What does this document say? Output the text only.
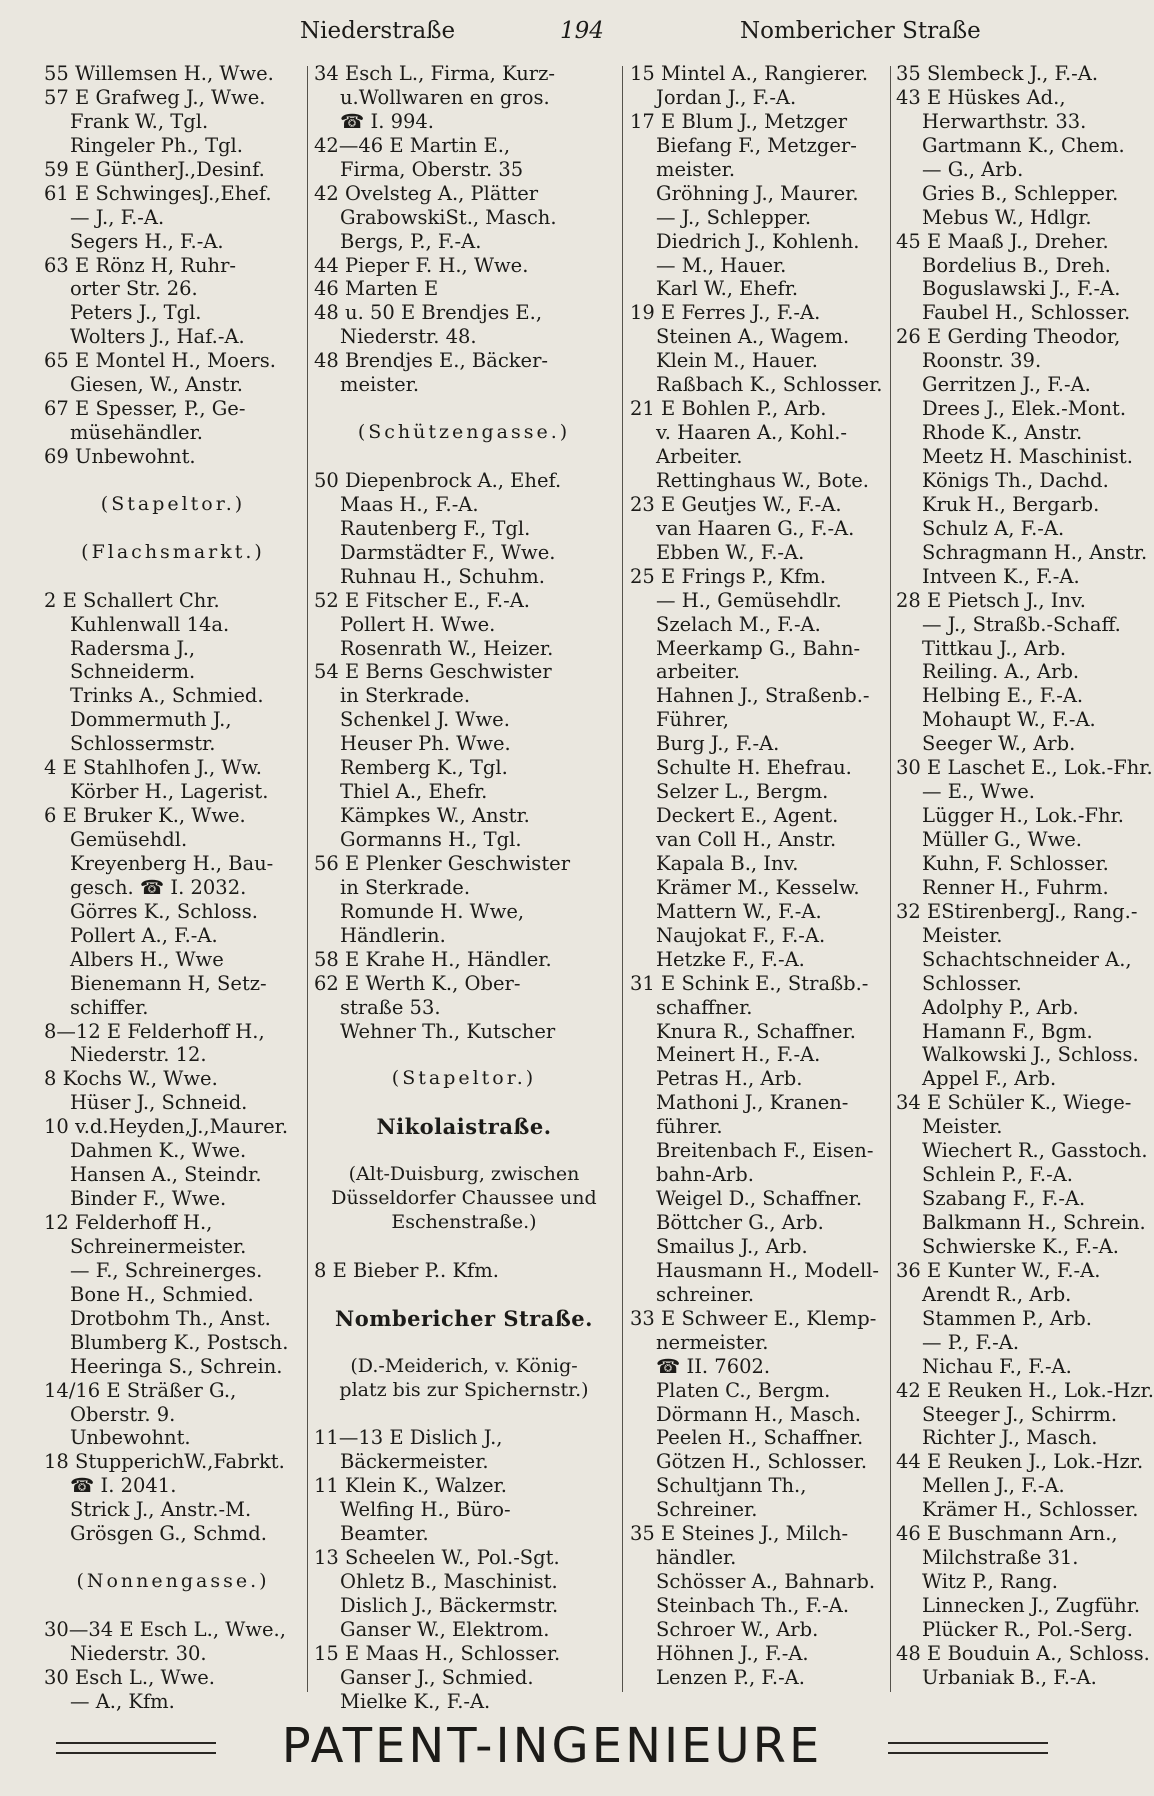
Niederstraße	194	Nombericher Straße
55 Willemsen H., Wwe.
57 E Grafweg J., Wwe.
Frank W., Tgl.
Ringeler Ph., Tgl.
59 E GüntherJ.,Desinf.
61 E SchwingesJ.,Ehef.
— J., F.-A.
Segers H., F.-A.
63 E Rönz H, Ruhr-
orter Str. 26.
Peters J., Tgl.
Wolters J., Haf.-A.
65 E Montel H., Moers.
Giesen, W., Anstr.
67 E Spesser, P., Ge-
müsehändler.
69 Unbewohnt.
(Stapeltor.)
(Flachsmarkt.)
2 E Schallert Chr.
Kuhlenwall 14a.
Radersma J.,
Schneiderm.
Trinks A., Schmied.
Dommermuth J.,
Schlossermstr.
4 E Stahlhofen J., Ww.
Körber H., Lagerist.
6 E Bruker K., Wwe.
Gemüsehdl.
Kreyenberg H., Bau-
gesch. ☎ I. 2032.
Görres K., Schloss.
Pollert A., F.-A.
Albers H., Wwe
Bienemann H, Setz-
schiffer.
8—12 E Felderhoff H.,
Niederstr. 12.
8 Kochs W., Wwe.
Hüser J., Schneid.
10 v.d.Heyden,J.,Maurer.
Dahmen K., Wwe.
Hansen A., Steindr.
Binder F., Wwe.
12 Felderhoff H.,
Schreinermeister.
— F., Schreinerges.
Bone H., Schmied.
Drotbohm Th., Anst.
Blumberg K., Postsch.
Heeringa S., Schrein.
14/16 E Sträßer G.,
Oberstr. 9.
Unbewohnt.
18 StupperichW.,Fabrkt.
☎ I. 2041.
Strick J., Anstr.-M.
Grösgen G., Schmd.
(Nonnengasse.)
30—34 E Esch L., Wwe.,
Niederstr. 30.
30 Esch L., Wwe.
— A., Kfm.
34 Esch L., Firma, Kurz-
u.Wollwaren en gros.
☎ I. 994.
42—46 E Martin E.,
Firma, Oberstr. 35
42 Ovelsteg A., Plätter
GrabowskiSt., Masch.
Bergs, P., F.-A.
44 Pieper F. H., Wwe.
46 Marten E
48 u. 50 E Brendjes E.,
Niederstr. 48.
48 Brendjes E., Bäcker-
meister.
(Schützengasse.)
50 Diepenbrock A., Ehef.
Maas H., F.-A.
Rautenberg F., Tgl.
Darmstädter F., Wwe.
Ruhnau H., Schuhm.
52 E Fitscher E., F.-A.
Pollert H. Wwe.
Rosenrath W., Heizer.
54 E Berns Geschwister
in Sterkrade.
Schenkel J. Wwe.
Heuser Ph. Wwe.
Remberg K., Tgl.
Thiel A., Ehefr.
Kämpkes W., Anstr.
Gormanns H., Tgl.
56 E Plenker Geschwister
in Sterkrade.
Romunde H. Wwe,
Händlerin.
58 E Krahe H., Händler.
62 E Werth K., Ober-
straße 53.
Wehner Th., Kutscher
(Stapeltor.)
Nikolaistraße.
(Alt-Duisburg, zwischen
Düsseldorfer Chaussee und
Eschenstraße.)
8 E Bieber P.. Kfm.
Nombericher Straße.
(D.-Meiderich, v. König-
platz bis zur Spichernstr.)
11—13 E Dislich J.,
Bäckermeister.
11 Klein K., Walzer.
Welfing H., Büro-
Beamter.
13 Scheelen W., Pol.-Sgt.
Ohletz B., Maschinist.
Dislich J., Bäckermstr.
Ganser W., Elektrom.
15 E Maas H., Schlosser.
Ganser J., Schmied.
Mielke K., F.-A.
15 Mintel A., Rangierer.
Jordan J., F.-A.
17 E Blum J., Metzger
Biefang F., Metzger-
meister.
Gröhning J., Maurer.
— J., Schlepper.
Diedrich J., Kohlenh.
— M., Hauer.
Karl W., Ehefr.
19 E Ferres J., F.-A.
Steinen A., Wagem.
Klein M., Hauer.
Raßbach K., Schlosser.
21 E Bohlen P., Arb.
v. Haaren A., Kohl.-
Arbeiter.
Rettinghaus W., Bote.
23 E Geutjes W., F.-A.
van Haaren G., F.-A.
Ebben W., F.-A.
25 E Frings P., Kfm.
— H., Gemüsehdlr.
Szelach M., F.-A.
Meerkamp G., Bahn-
arbeiter.
Hahnen J., Straßenb.-
Führer,
Burg J., F.-A.
Schulte H. Ehefrau.
Selzer L., Bergm.
Deckert E., Agent.
van Coll H., Anstr.
Kapala B., Inv.
Krämer M., Kesselw.
Mattern W., F.-A.
Naujokat F., F.-A.
Hetzke F., F.-A.
31 E Schink E., Straßb.-
schaffner.
Knura R., Schaffner.
Meinert H., F.-A.
Petras H., Arb.
Mathoni J., Kranen-
führer.
Breitenbach F., Eisen-
bahn-Arb.
Weigel D., Schaffner.
Böttcher G., Arb.
Smailus J., Arb.
Hausmann H., Modell-
schreiner.
33 E Schweer E., Klemp-
nermeister.
☎ II. 7602.
Platen C., Bergm.
Dörmann H., Masch.
Peelen H., Schaffner.
Götzen H., Schlosser.
Schultjann Th.,
Schreiner.
35 E Steines J., Milch-
händler.
Schösser A., Bahnarb.
Steinbach Th., F.-A.
Schroer W., Arb.
Höhnen J., F.-A.
Lenzen P., F.-A.
35 Slembeck J., F.-A.
43 E Hüskes Ad.,
Herwarthstr. 33.
Gartmann K., Chem.
— G., Arb.
Gries B., Schlepper.
Mebus W., Hdlgr.
45 E Maaß J., Dreher.
Bordelius B., Dreh.
Boguslawski J., F.-A.
Faubel H., Schlosser.
26 E Gerding Theodor,
Roonstr. 39.
Gerritzen J., F.-A.
Drees J., Elek.-Mont.
Rhode K., Anstr.
Meetz H. Maschinist.
Königs Th., Dachd.
Kruk H., Bergarb.
Schulz A, F.-A.
Schragmann H., Anstr.
Intveen K., F.-A.
28 E Pietsch J., Inv.
— J., Straßb.-Schaff.
Tittkau J., Arb.
Reiling. A., Arb.
Helbing E., F.-A.
Mohaupt W., F.-A.
Seeger W., Arb.
30 E Laschet E., Lok.-Fhr.
— E., Wwe.
Lügger H., Lok.-Fhr.
Müller G., Wwe.
Kuhn, F. Schlosser.
Renner H., Fuhrm.
32 EStirenbergJ., Rang.-
Meister.
Schachtschneider A.,
Schlosser.
Adolphy P., Arb.
Hamann F., Bgm.
Walkowski J., Schloss.
Appel F., Arb.
34 E Schüler K., Wiege-
Meister.
Wiechert R., Gasstoch.
Schlein P., F.-A.
Szabang F., F.-A.
Balkmann H., Schrein.
Schwierske K., F.-A.
36 E Kunter W., F.-A.
Arendt R., Arb.
Stammen P., Arb.
— P., F.-A.
Nichau F., F.-A.
42 E Reuken H., Lok.-Hzr.
Steeger J., Schirrm.
Richter J., Masch.
44 E Reuken J., Lok.-Hzr.
Mellen J., F.-A.
Krämer H., Schlosser.
46 E Buschmann Arn.,
Milchstraße 31.
Witz P., Rang.
Linnecken J., Zugführ.
Plücker R., Pol.-Serg.
48 E Bouduin A., Schloss.
Urbaniak B., F.-A.
PATENT-INGENIEURE
